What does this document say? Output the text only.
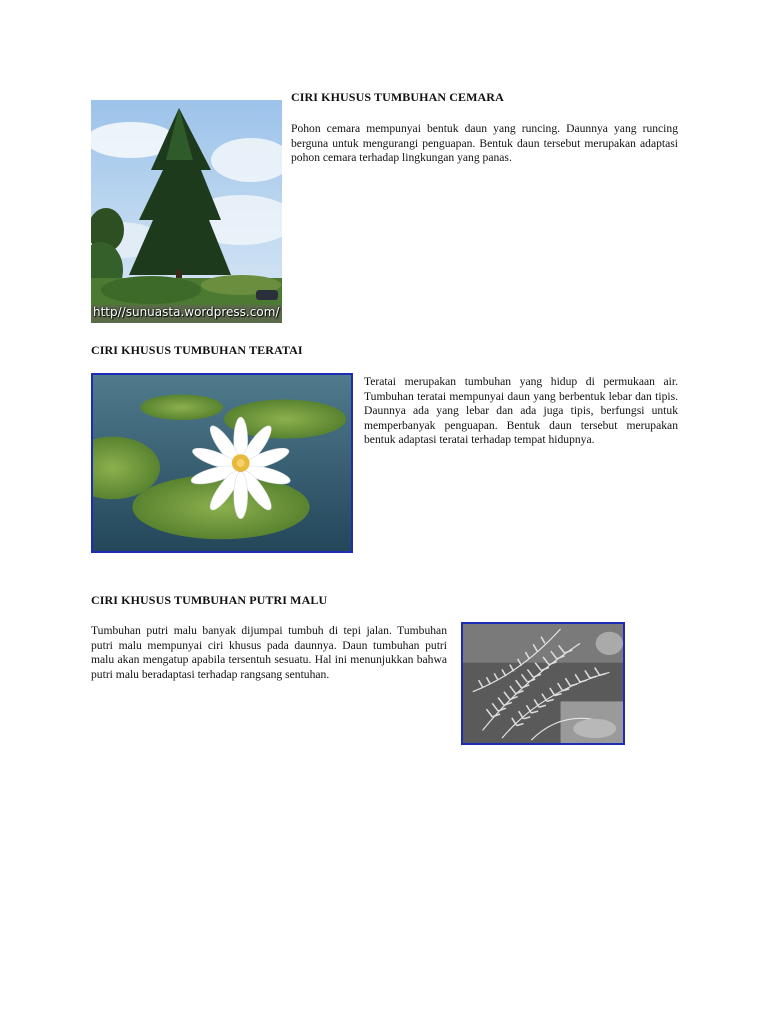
http//sunuasta.wordpress.com/
CIRI KHUSUS TUMBUHAN CEMARA
Pohon cemara mempunyai bentuk daun yang runcing. Daunnya yang runcing berguna untuk mengurangi penguapan. Bentuk daun tersebut merupakan adaptasi pohon cemara terhadap lingkungan yang panas.
CIRI KHUSUS TUMBUHAN TERATAI
Teratai merupakan tumbuhan yang hidup di permukaan air. Tumbuhan teratai mempunyai daun yang berbentuk lebar dan tipis. Daunnya ada yang lebar dan ada juga tipis, berfungsi untuk memperbanyak penguapan. Bentuk daun tersebut merupakan bentuk adaptasi teratai terhadap tempat hidupnya.
CIRI KHUSUS TUMBUHAN PUTRI MALU
Tumbuhan putri malu banyak dijumpai tumbuh di tepi jalan. Tumbuhan putri malu mempunyai ciri khusus pada daunnya. Daun tumbuhan putri malu akan mengatup apabila tersentuh sesuatu. Hal ini menunjukkan bahwa putri malu beradaptasi terhadap rangsang sentuhan.
